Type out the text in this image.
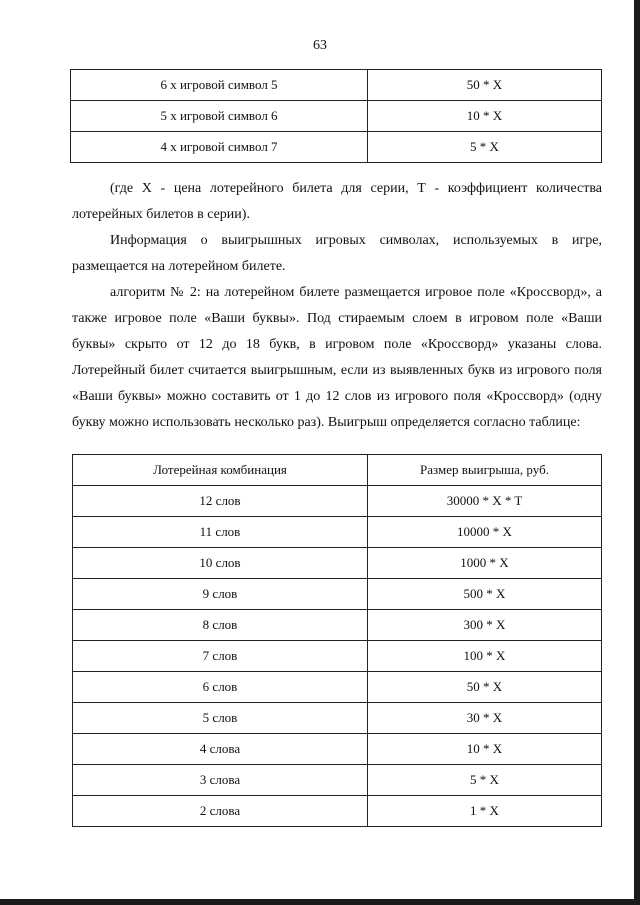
63
6 х игровой символ 5	50 * X
5 х игровой символ 6	10 * X
4 х игровой символ 7	5 * X

(где X - цена лотерейного билета для серии, Т - коэффициент количества лотерейных билетов в серии).

Информация о выигрышных игровых символах, используемых в игре, размещается на лотерейном билете.

алгоритм № 2: на лотерейном билете размещается игровое поле «Кроссворд», а также игровое поле «Ваши буквы». Под стираемым слоем в игровом поле «Ваши буквы» скрыто от 12 до 18 букв, в игровом поле «Кроссворд» указаны слова. Лотерейный билет считается выигрышным, если из выявленных букв из игрового поля «Ваши буквы» можно составить от 1 до 12 слов из игрового поля «Кроссворд» (одну букву можно использовать несколько раз). Выигрыш определяется согласно таблице:

Лотерейная комбинация	Размер выигрыша, руб.
12 слов	30000 * X * T
11 слов	10000 * X
10 слов	1000 * X
9 слов	500 * X
8 слов	300 * X
7 слов	100 * X
6 слов	50 * X
5 слов	30 * X
4 слова	10 * X
3 слова	5 * X
2 слова	1 * X
